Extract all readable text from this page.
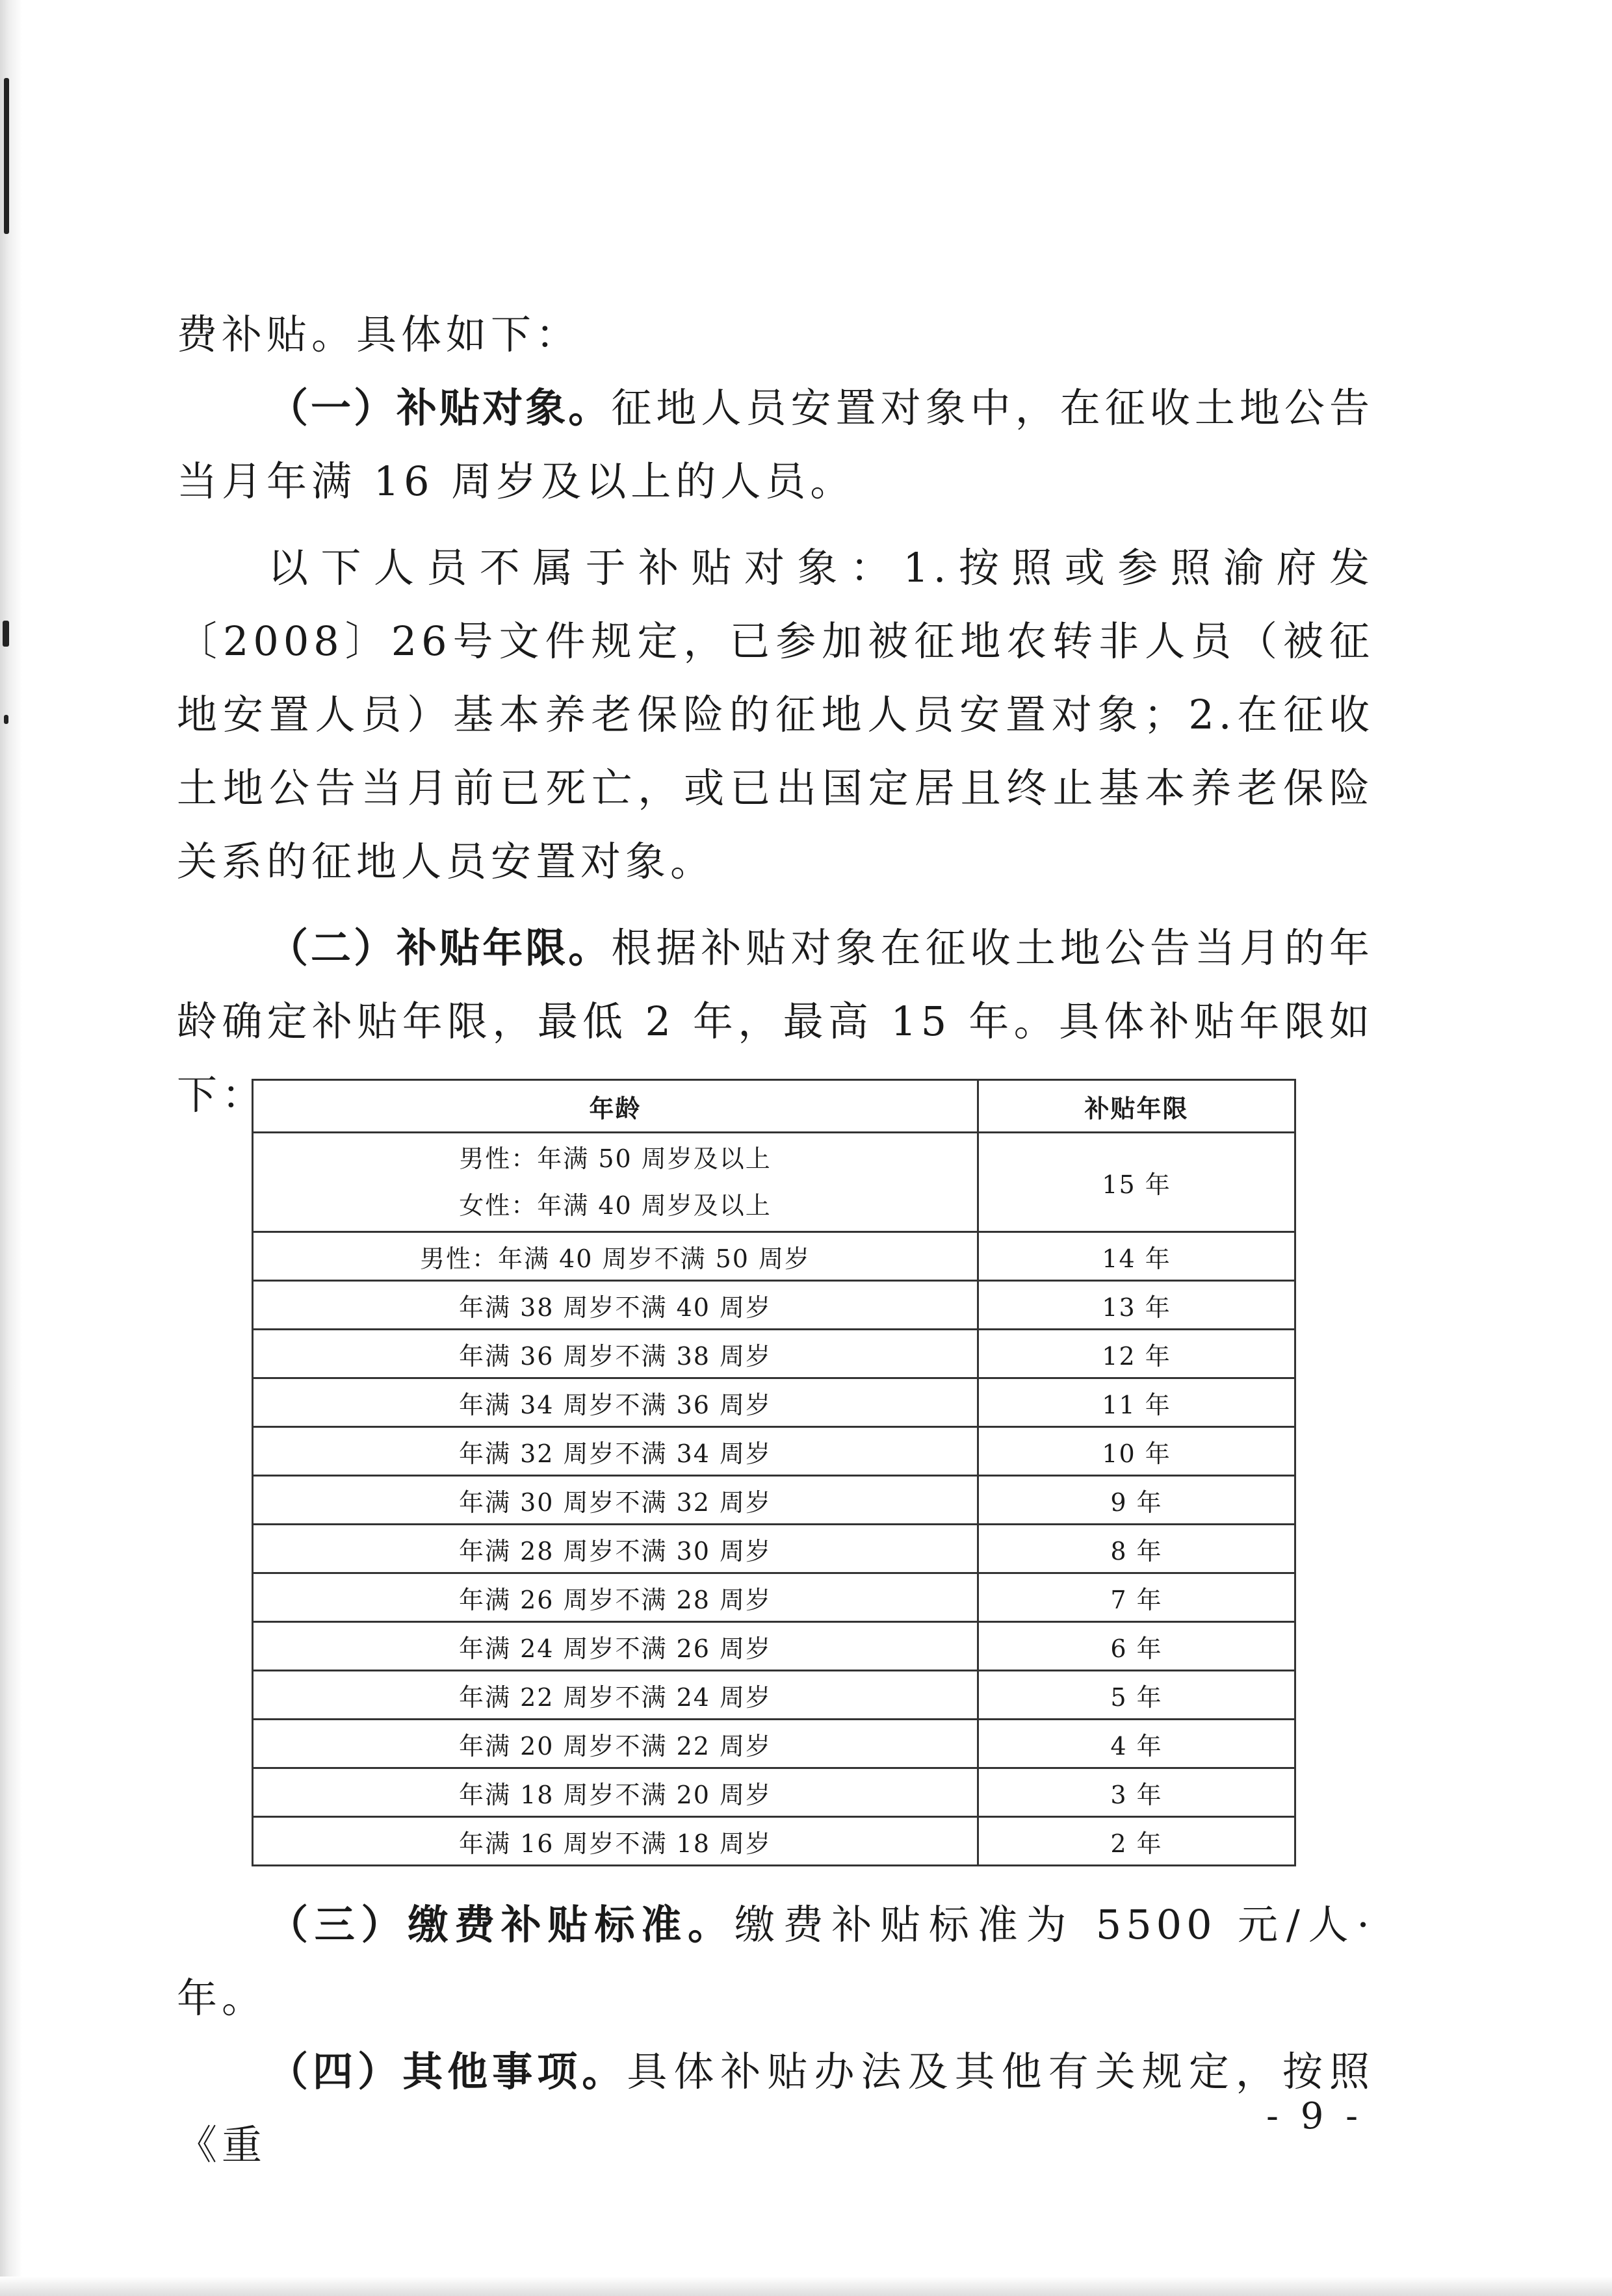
费补贴。具体如下：

（一）补贴对象。征地人员安置对象中，在征收土地公告当月年满 16 周岁及以上的人员。

以下人员不属于补贴对象：1.按照或参照渝府发〔2008〕26号文件规定，已参加被征地农转非人员（被征地安置人员）基本养老保险的征地人员安置对象；2.在征收土地公告当月前已死亡，或已出国定居且终止基本养老保险关系的征地人员安置对象。

（二）补贴年限。根据补贴对象在征收土地公告当月的年龄确定补贴年限，最低 2 年，最高 15 年。具体补贴年限如下：	年龄	补贴年限

男性：年满 50 周岁及以上
女性：年满 40 周岁及以上	15 年
男性：年满 40 周岁不满 50 周岁	14 年
年满 38 周岁不满 40 周岁	13 年
年满 36 周岁不满 38 周岁	12 年
年满 34 周岁不满 36 周岁	11 年
年满 32 周岁不满 34 周岁	10 年
年满 30 周岁不满 32 周岁	9 年
年满 28 周岁不满 30 周岁	8 年
年满 26 周岁不满 28 周岁	7 年
年满 24 周岁不满 26 周岁	6 年
年满 22 周岁不满 24 周岁	5 年
年满 20 周岁不满 22 周岁	4 年
年满 18 周岁不满 20 周岁	3 年
年满 16 周岁不满 18 周岁	2 年

（三）缴费补贴标准。缴费补贴标准为 5500 元/人·年。

（四）其他事项。具体补贴办法及其他有关规定，按照《重

- 9 -
